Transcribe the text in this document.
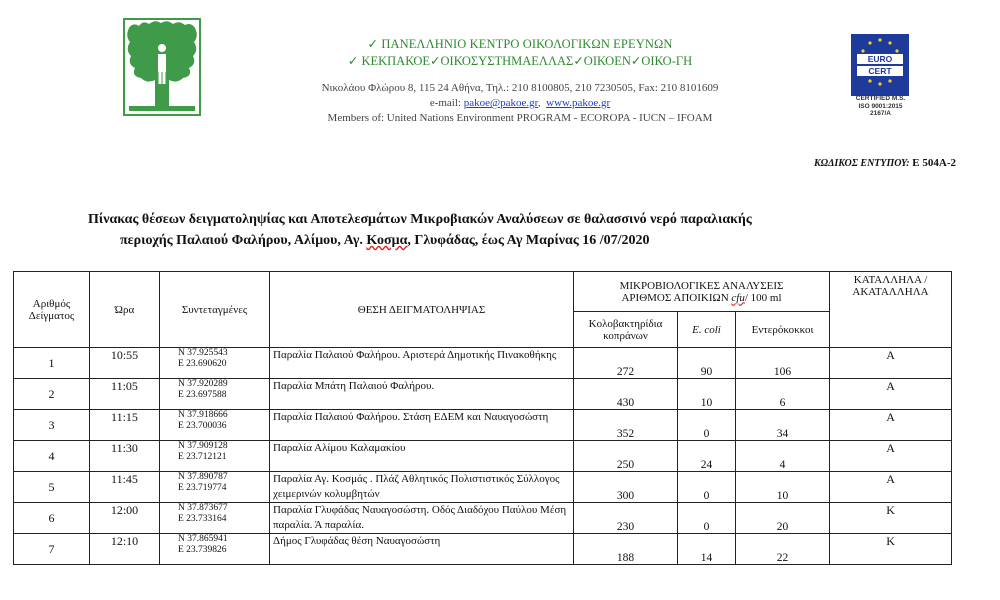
✓ ΠΑΝΕΛΛΗΝΙΟ ΚΕΝΤΡΟ ΟΙΚΟΛΟΓΙΚΩΝ ΕΡΕΥΝΩΝ
✓ ΚΕΚΠΑΚΟΕ✓ΟΙΚΟΣΥΣΤΗΜΑΕΛΛΑΣ✓ΟΙΚΟΕΝ✓ΟΙΚΟ-ΓΗ
Νικολάου Φλώρου 8, 115 24 Αθήνα, Τηλ.: 210 8100805, 210 7230505, Fax: 210 8101609
e-mail: pakoe@pakoe.gr,  www.pakoe.gr
Members of: United Nations Environment PROGRAM - ECOROPA - IUCN – IFOAM
EURO
CERT
CERTIFIED M.S.
ISO 9001:2015
2167/A
ΚΩΔΙΚΟΣ ΕΝΤΥΠΟΥ: Ε 504Α-2
Πίνακας θέσεων δειγματοληψίας και Αποτελεσμάτων Μικροβιακών Αναλύσεων σε θαλασσινό νερό παραλιακής
περιοχής Παλαιού Φαλήρου, Αλίμου, Αγ. Κοσμα, Γλυφάδας, έως Αγ Μαρίνας 16 /07/2020
Αριθμός Δείγματος	Ώρα	Συντεταγμένες	ΘΕΣΗ ΔΕΙΓΜΑΤΟΛΗΨΙΑΣ	ΜΙΚΡΟΒΙΟΛΟΓΙΚΕΣ ΑΝΑΛΥΣΕΙΣ
ΑΡΙΘΜΟΣ ΑΠΟΙΚΙΩΝ cfu/ 100 ml			ΚΑΤΑΛΛΗΛΑ / ΑΚΑΤΑΛΛΗΛΑ
				Κολοβακτηρίδια κοπράνων	E. coli	Εντερόκοκκοι	
1	10:55	N 37.925543
E 23.690620	Παραλία Παλαιού Φαλήρου. Αριστερά Δημοτικής Πινακοθήκης	272	90	106	A
2	11:05	N 37.920289
E 23.697588	Παραλία Μπάτη Παλαιού Φαλήρου.	430	10	6	A
3	11:15	N 37.918666
E 23.700036	Παραλία Παλαιού Φαλήρου. Στάση ΕΔΕΜ και Ναυαγοσώστη	352	0	34	A
4	11:30	N 37.909128
E 23.712121	Παραλία Αλίμου Καλαμακίου	250	24	4	A
5	11:45	N 37.890787
E 23.719774	Παραλία Αγ. Κοσμάς . Πλάζ Αθλητικός Πολιστιστικός Σύλλογος χειμερινών κολυμβητών	300	0	10	A
6	12:00	N 37.873677
E 23.733164	Παραλία Γλυφάδας Ναυαγοσώστη. Οδός Διαδόχου Παύλου Μέση παραλία. Ά παραλία.	230	0	20	K
7	12:10	N 37.865941
E 23.739826	Δήμος Γλυφάδας θέση Ναυαγοσώστη	188	14	22	K
